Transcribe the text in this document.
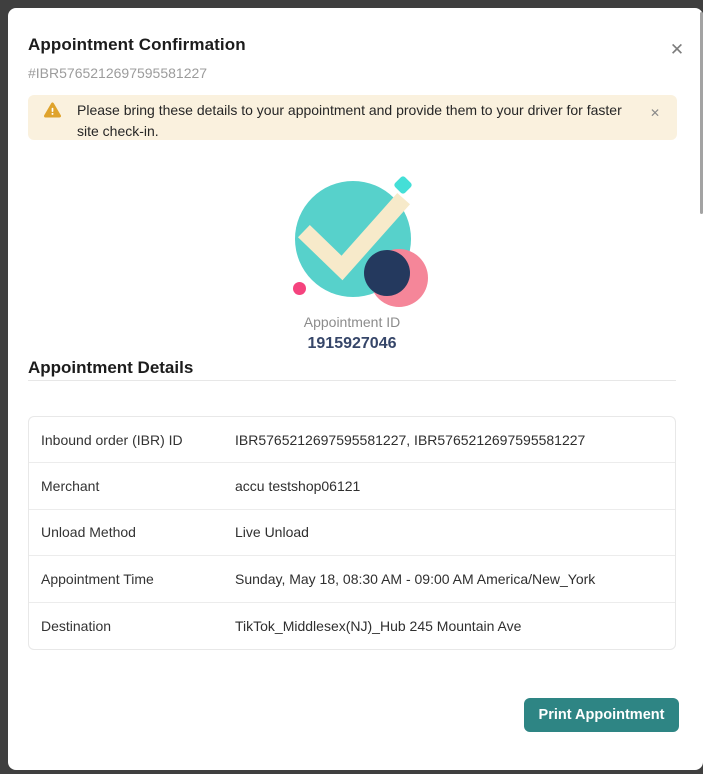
✕
Appointment Confirmation
#IBR5765212697595581227

Please bring these details to your appointment and provide them to your driver for faster site check-in.

✕
Appointment ID
1915927046
Appointment Details
Inbound order (IBR) ID	IBR5765212697595581227, IBR5765212697595581227
Merchant	accu testshop06121
Unload Method	Live Unload
Appointment Time	Sunday, May 18, 08:30 AM - 09:00 AM America/New_York
Destination	TikTok_Middlesex(NJ)_Hub 245 Mountain Ave
Print Appointment
